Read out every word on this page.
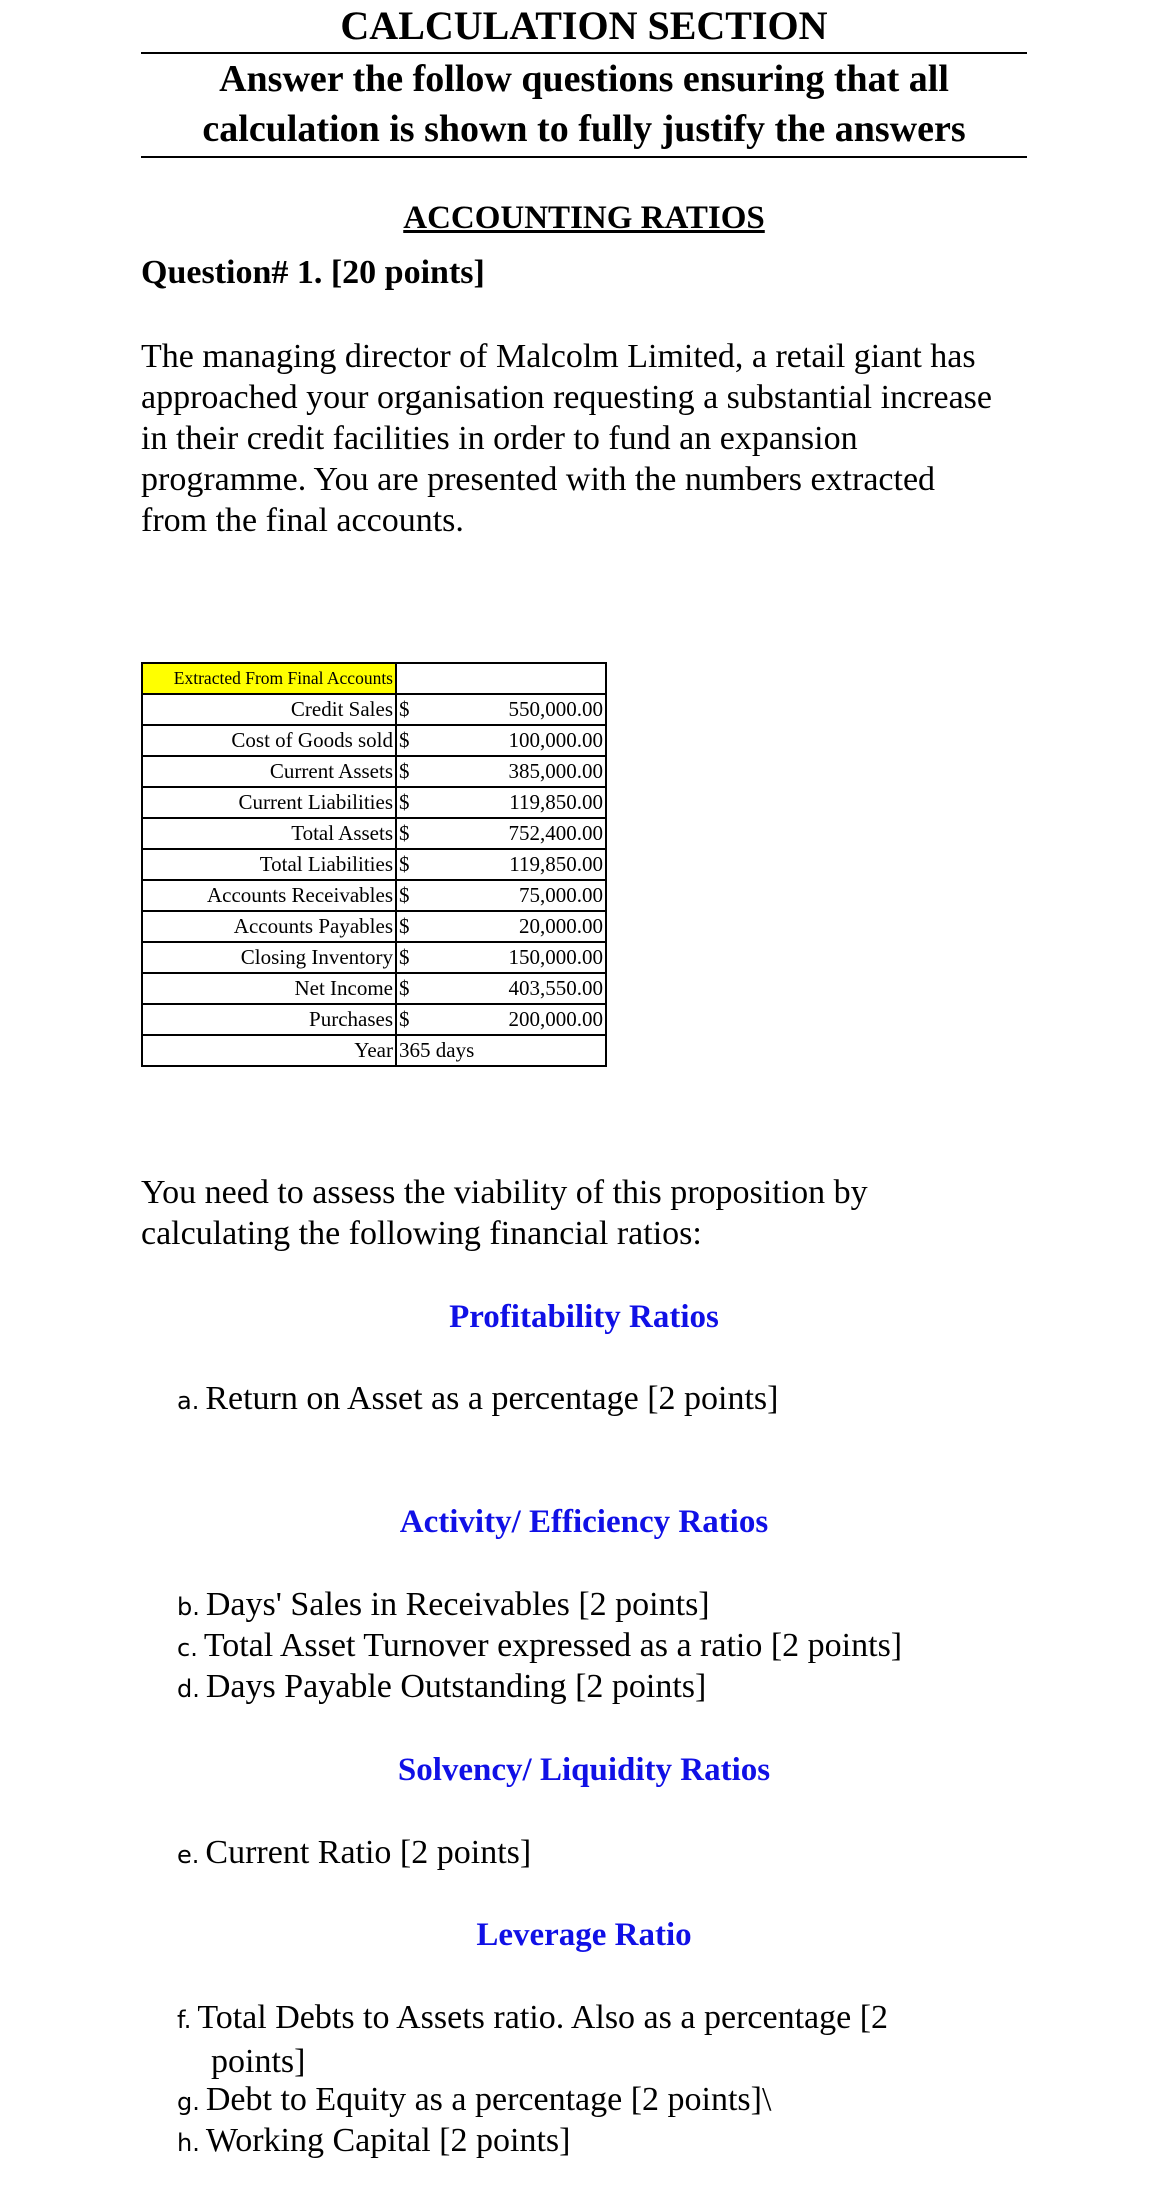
CALCULATION SECTION
Answer the follow questions ensuring that all
calculation is shown to fully justify the answers
ACCOUNTING RATIOS
Question# 1. [20 points]
The managing director of Malcolm Limited, a retail giant has
approached your organisation requesting a substantial increase
in their credit facilities in order to fund an expansion
programme. You are presented with the numbers extracted
from the final accounts.
Extracted From Final Accounts	
Credit Sales	$ 550,000.00

Cost of Goods sold	$ 100,000.00

Current Assets	$ 385,000.00

Current Liabilities	$ 119,850.00

Total Assets	$ 752,400.00

Total Liabilities	$ 119,850.00

Accounts Receivables	$ 75,000.00

Accounts Payables	$ 20,000.00

Closing Inventory	$ 150,000.00

Net Income	$ 403,550.00

Purchases	$ 200,000.00

Year	365 days
You need to assess the viability of this proposition by
calculating the following financial ratios:
Profitability Ratios
a. Return on Asset as a percentage [2 points]
Activity/ Efficiency Ratios
b. Days' Sales in Receivables [2 points]
c. Total Asset Turnover expressed as a ratio [2 points]
d. Days Payable Outstanding [2 points]
Solvency/ Liquidity Ratios
e. Current Ratio [2 points]
Leverage Ratio
f. Total Debts to Assets ratio. Also as a percentage [2
points]
g. Debt to Equity as a percentage [2 points]\
h. Working Capital [2 points]
